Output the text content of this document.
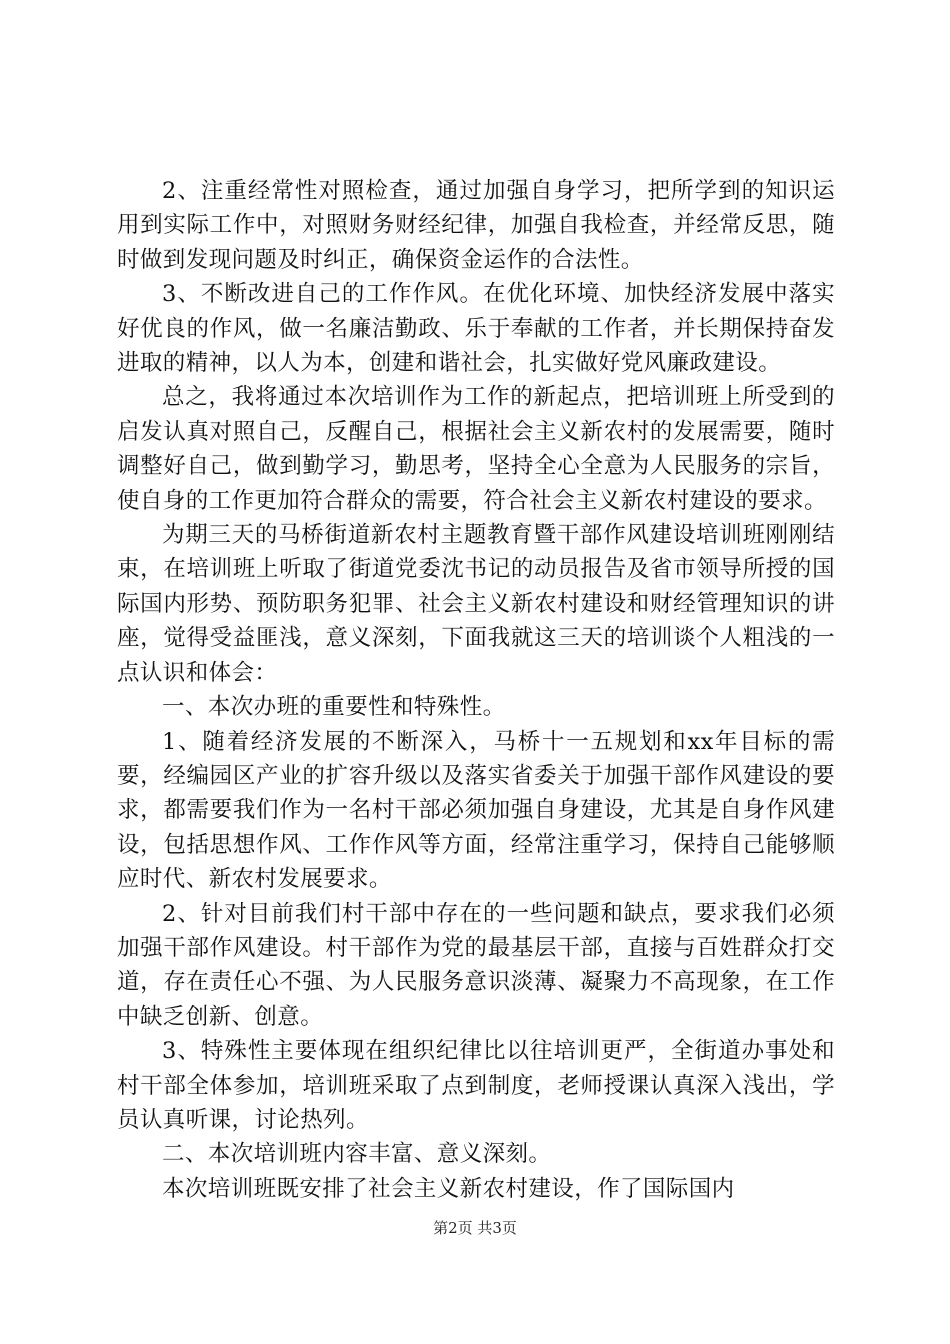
2、注重经常性对照检查，通过加强自身学习，把所学到的知识运用到实际工作中，对照财务财经纪律，加强自我检查，并经常反思，随时做到发现问题及时纠正，确保资金运作的合法性。

3、不断改进自己的工作作风。在优化环境、加快经济发展中落实好优良的作风，做一名廉洁勤政、乐于奉献的工作者，并长期保持奋发进取的精神，以人为本，创建和谐社会，扎实做好党风廉政建设。

总之，我将通过本次培训作为工作的新起点，把培训班上所受到的启发认真对照自己，反醒自己，根据社会主义新农村的发展需要，随时调整好自己，做到勤学习，勤思考，坚持全心全意为人民服务的宗旨，使自身的工作更加符合群众的需要，符合社会主义新农村建设的要求。

为期三天的马桥街道新农村主题教育暨干部作风建设培训班刚刚结束，在培训班上听取了街道党委沈书记的动员报告及省市领导所授的国际国内形势、预防职务犯罪、社会主义新农村建设和财经管理知识的讲座，觉得受益匪浅，意义深刻，下面我就这三天的培训谈个人粗浅的一点认识和体会：

一、本次办班的重要性和特殊性。

1、随着经济发展的不断深入，马桥十一五规划和xx年目标的需要，经编园区产业的扩容升级以及落实省委关于加强干部作风建设的要求，都需要我们作为一名村干部必须加强自身建设，尤其是自身作风建设，包括思想作风、工作作风等方面，经常注重学习，保持自己能够顺应时代、新农村发展要求。

2、针对目前我们村干部中存在的一些问题和缺点，要求我们必须加强干部作风建设。村干部作为党的最基层干部，直接与百姓群众打交道，存在责任心不强、为人民服务意识淡薄、凝聚力不高现象，在工作中缺乏创新、创意。

3、特殊性主要体现在组织纪律比以往培训更严，全街道办事处和村干部全体参加，培训班采取了点到制度，老师授课认真深入浅出，学员认真听课，讨论热列。

二、本次培训班内容丰富、意义深刻。

本次培训班既安排了社会主义新农村建设，作了国际国内

第2页 共3页
